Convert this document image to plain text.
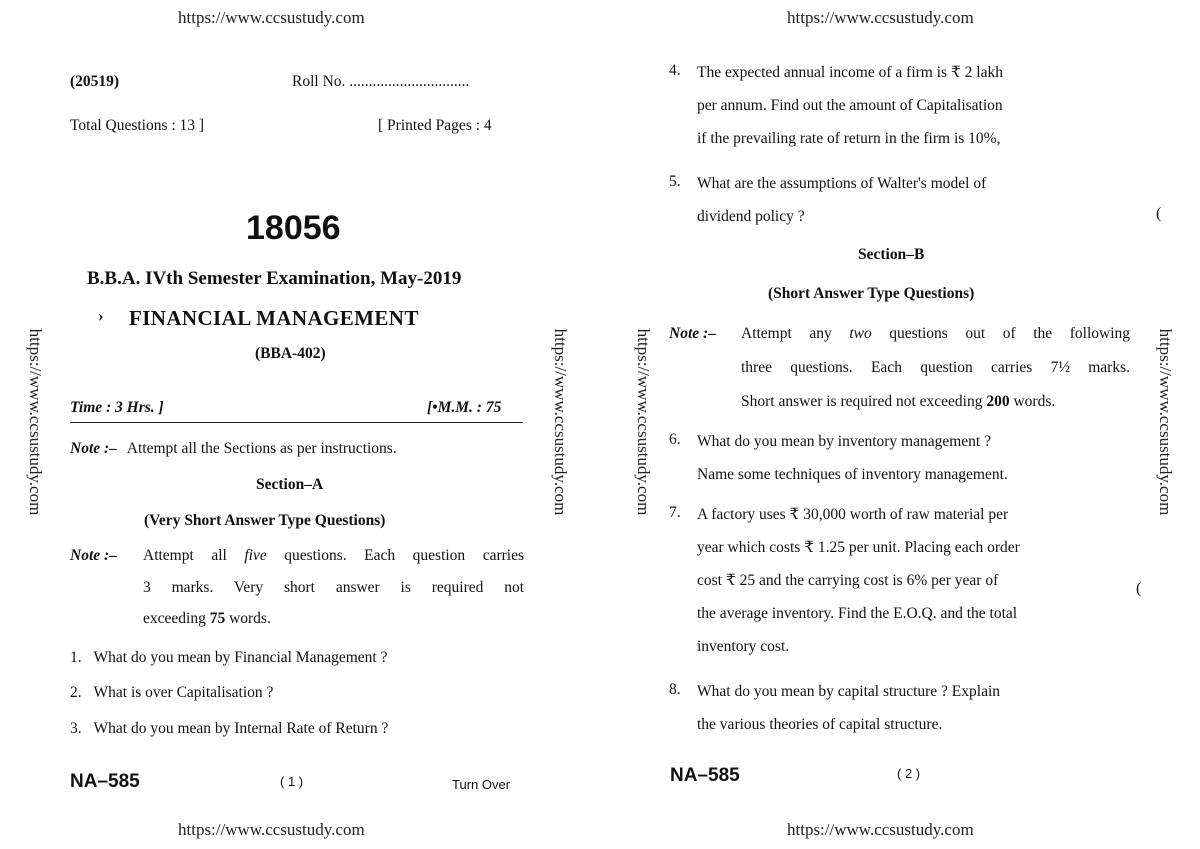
https://www.ccsustudy.com	https://www.ccsustudy.com
https://www.ccsustudy.com	https://www.ccsustudy.com
https://www.ccsustudy.com	https://www.ccsustudy.com	https://www.ccsustudy.com	https://www.ccsustudy.com
(20519)	Roll No. ...............................
Total Questions : 13 ]	[ Printed Pages : 4
18056
B.B.A. IVth Semester Examination, May-2019
› FINANCIAL MANAGEMENT
(BBA-402)
Time : 3 Hrs. ]	[•M.M. : 75
Note :– Attempt all the Sections as per instructions.
Section–A
(Very Short Answer Type Questions)
Note :– Attempt all five questions. Each question carries
3 marks. Very short answer is required not
exceeding 75 words.
1. What do you mean by Financial Management ?
2. What is over Capitalisation ?
3. What do you mean by Internal Rate of Return ?
NA–585	( 1 )	Turn Over
4. The expected annual income of a firm is ₹ 2 lakh
per annum. Find out the amount of Capitalisation
if the prevailing rate of return in the firm is 10%,
5. What are the assumptions of Walter's model of
dividend policy ?	(
Section–B
(Short Answer Type Questions)
Note :– Attempt any two questions out of the following
three questions. Each question carries 7½ marks.
Short answer is required not exceeding 200 words.
6. What do you mean by inventory management ?
Name some techniques of inventory management.
7. A factory uses ₹ 30,000 worth of raw material per
year which costs ₹ 1.25 per unit. Placing each order
cost ₹ 25 and the carrying cost is 6% per year of
the average inventory. Find the E.O.Q. and the total
inventory cost.
(
8. What do you mean by capital structure ? Explain
the various theories of capital structure.
NA–585	( 2 )
